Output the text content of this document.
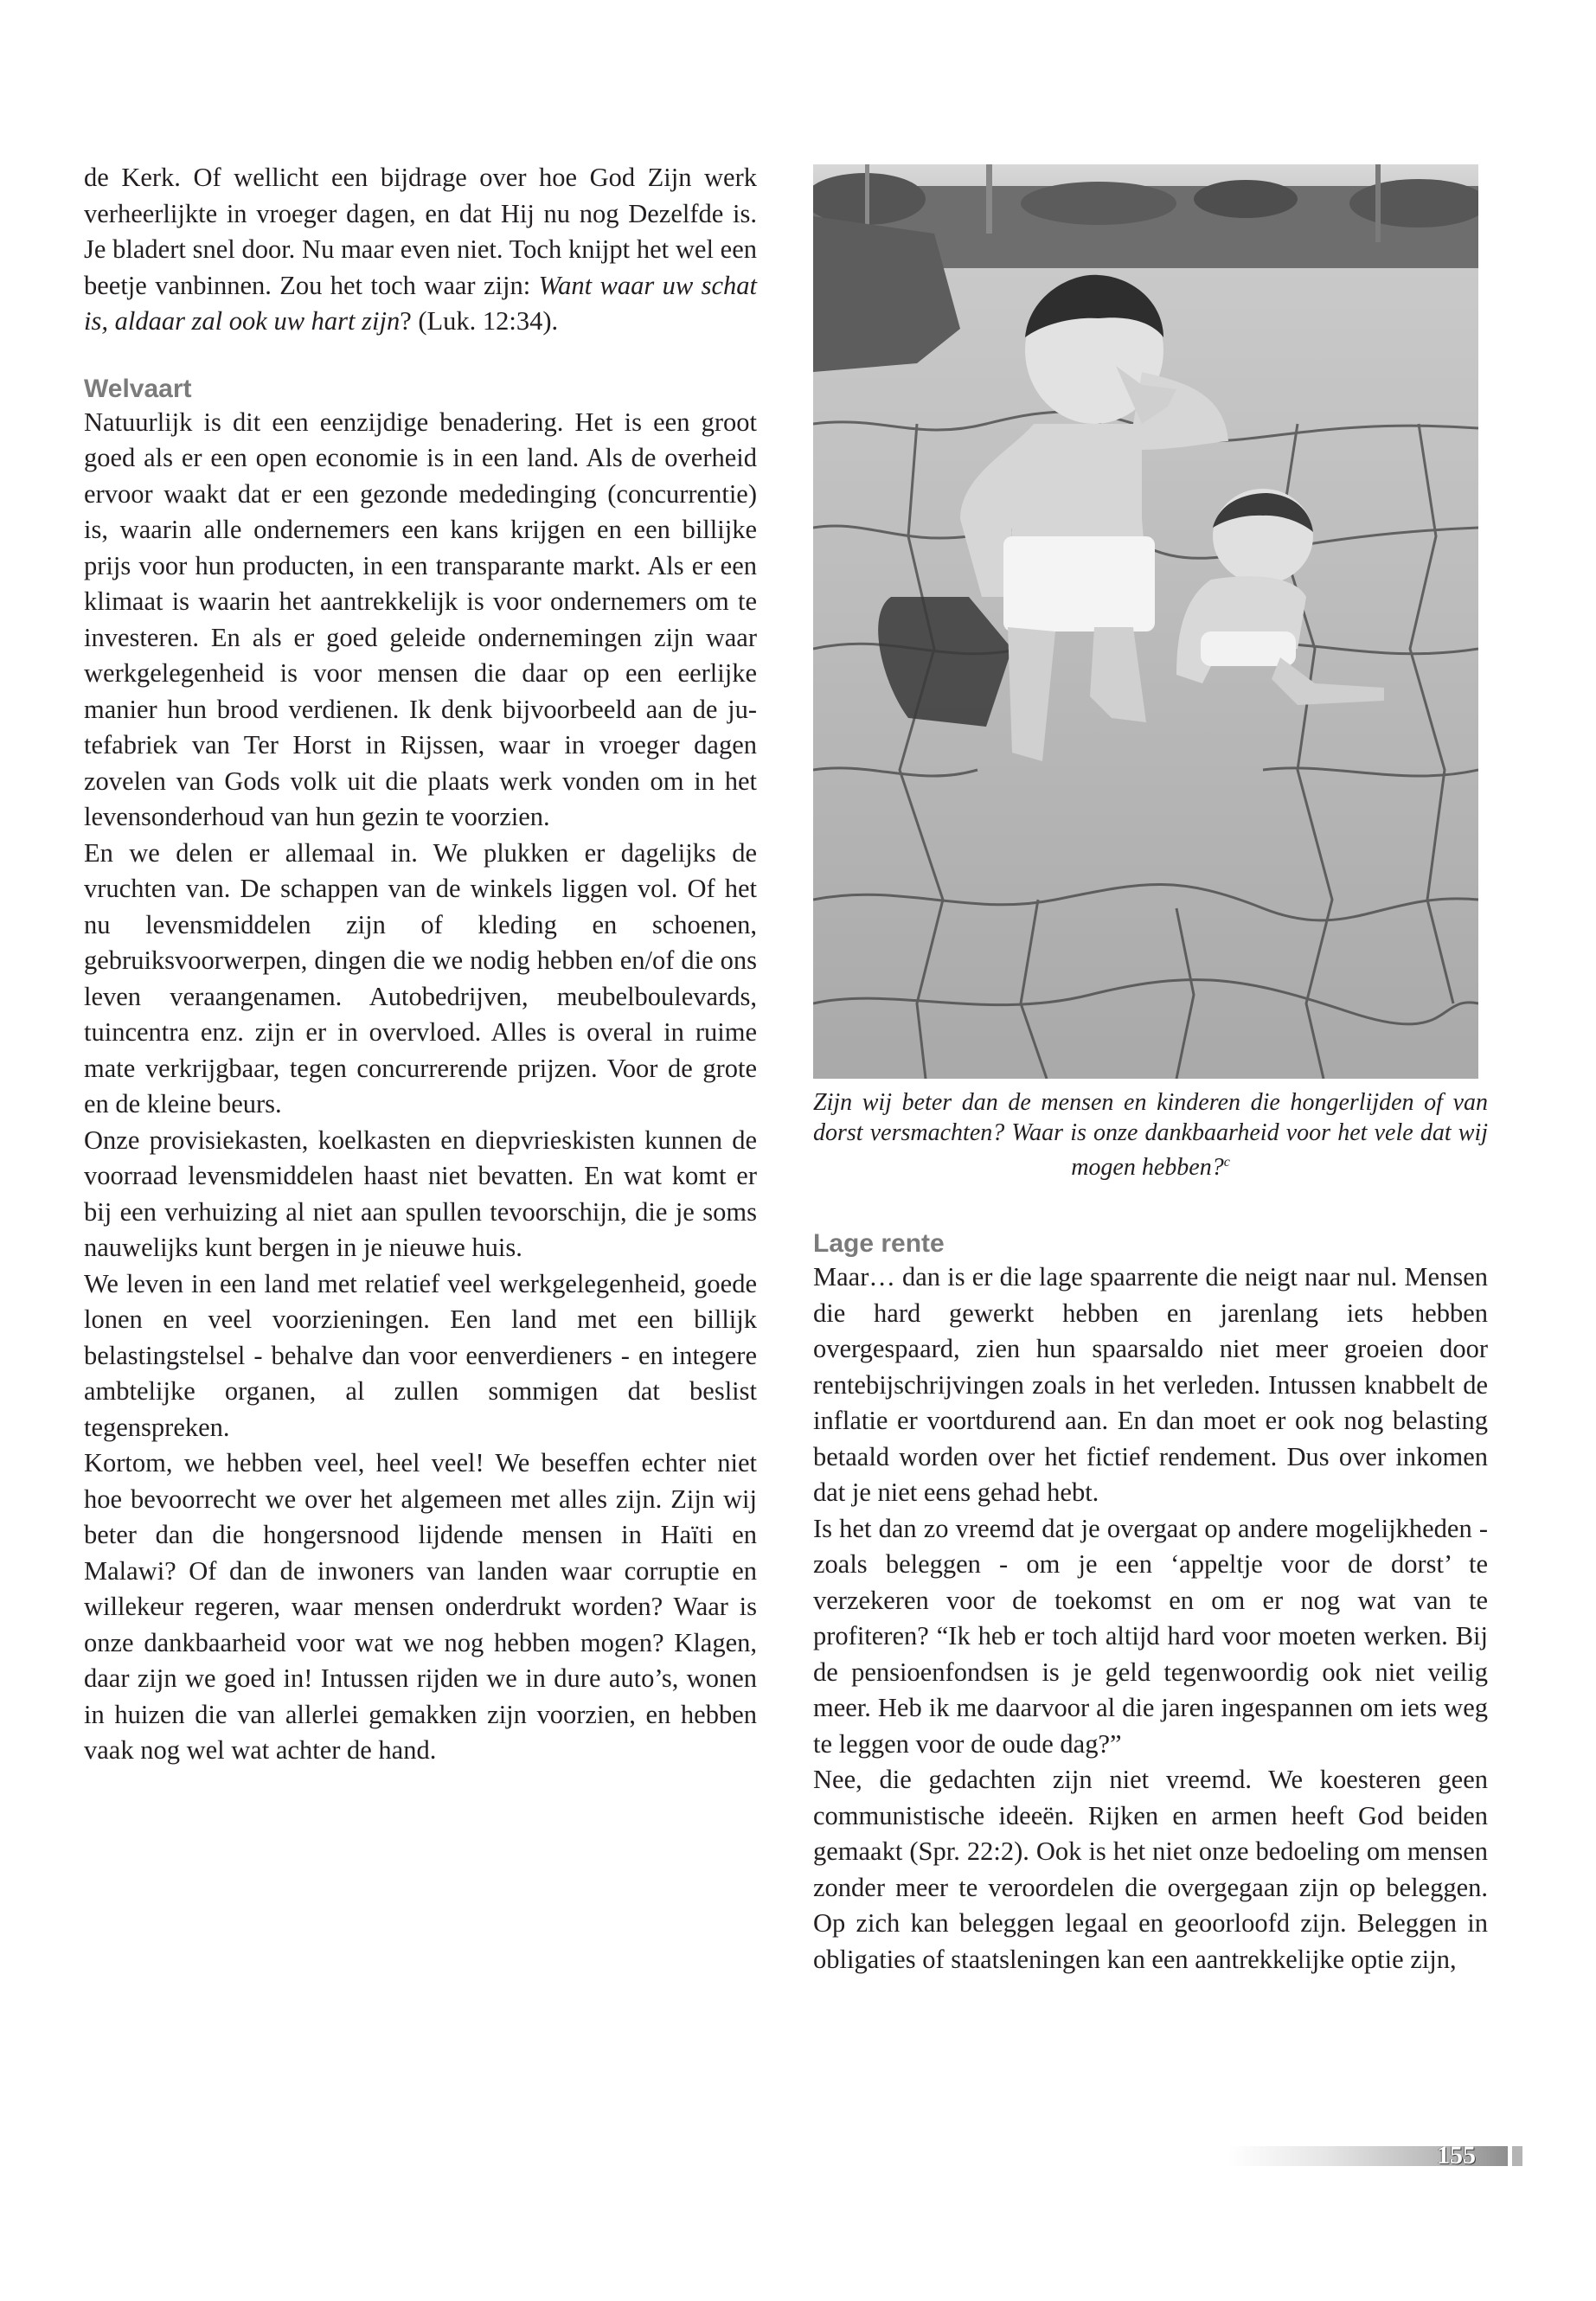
de Kerk. Of wellicht een bijdrage over hoe God Zijn werk verheerlijkte in vroeger dagen, en dat Hij nu nog Dezelfde is. Je bladert snel door. Nu maar even niet. Toch knijpt het wel een beetje vanbinnen. Zou het toch waar zijn: Want waar uw schat is, aldaar zal ook uw hart zijn? (Luk. 12:34).

Welvaart

Natuurlijk is dit een eenzijdige benadering. Het is een groot goed als er een open economie is in een land. Als de overheid ervoor waakt dat er een gezonde mededinging (concurrentie) is, waarin alle ondernemers een kans krijgen en een billijke prijs voor hun producten, in een transparante markt. Als er een klimaat is waarin het aantrekkelijk is voor ondernemers om te investeren. En als er goed geleide ondernemingen zijn waar werkgelegenheid is voor mensen die daar op een eerlijke manier hun brood verdienen. Ik denk bijvoorbeeld aan de jutefabriek van Ter Horst in Rijssen, waar in vroeger dagen zovelen van Gods volk uit die plaats werk vonden om in het levensonderhoud van hun gezin te voorzien.

En we delen er allemaal in. We plukken er dagelijks de vruchten van. De schappen van de winkels liggen vol. Of het nu levensmiddelen zijn of kleding en schoenen, gebruiksvoorwerpen, dingen die we nodig hebben en/of die ons leven veraangenamen. Autobedrijven, meubelboulevards, tuincentra enz. zijn er in overvloed. Alles is overal in ruime mate verkrijgbaar, tegen concurrerende prijzen. Voor de grote en de kleine beurs.

Onze provisiekasten, koelkasten en diepvrieskisten kunnen de voorraad levensmiddelen haast niet bevatten. En wat komt er bij een verhuizing al niet aan spullen tevoorschijn, die je soms nauwelijks kunt bergen in je nieuwe huis.

We leven in een land met relatief veel werkgelegenheid, goede lonen en veel voorzieningen. Een land met een billijk belastingstelsel - behalve dan voor eenverdieners - en integere ambtelijke organen, al zullen sommigen dat beslist tegenspreken.

Kortom, we hebben veel, heel veel! We beseffen echter niet hoe bevoorrecht we over het algemeen met alles zijn. Zijn wij beter dan die hongersnood lijdende mensen in Haïti en Malawi? Of dan de inwoners van landen waar corruptie en willekeur regeren, waar mensen onderdrukt worden? Waar is onze dankbaarheid voor wat we nog hebben mogen? Klagen, daar zijn we goed in! Intussen rijden we in dure auto’s, wonen in huizen die van allerlei gemakken zijn voorzien, en hebben vaak nog wel wat achter de hand.

Zijn wij beter dan de mensen en kinderen die hongerlijden of van dorst versmachten? Waar is onze dankbaarheid voor het vele dat wij mogen hebben?$^c$
Lage rente

Maar… dan is er die lage spaarrente die neigt naar nul. Mensen die hard gewerkt hebben en jarenlang iets hebben overgespaard, zien hun spaarsaldo niet meer groeien door rentebijschrijvingen zoals in het verleden. Intussen knabbelt de inflatie er voortdurend aan. En dan moet er ook nog belasting betaald worden over het fictief rendement. Dus over inkomen dat je niet eens gehad hebt.

Is het dan zo vreemd dat je overgaat op andere mogelijkheden - zoals beleggen - om je een ‘appeltje voor de dorst’ te verzekeren voor de toekomst en om er nog wat van te profiteren? “Ik heb er toch altijd hard voor moeten werken. Bij de pensioenfondsen is je geld tegenwoordig ook niet veilig meer. Heb ik me daarvoor al die jaren ingespannen om iets weg te leggen voor de oude dag?”

Nee, die gedachten zijn niet vreemd. We koesteren geen communistische ideeën. Rijken en armen heeft God beiden gemaakt (Spr. 22:2). Ook is het niet onze bedoeling om mensen zonder meer te veroordelen die overgegaan zijn op beleggen. Op zich kan beleggen legaal en geoorloofd zijn. Beleggen in obligaties of staatsleningen kan een aantrekkelijke optie zijn,

155
